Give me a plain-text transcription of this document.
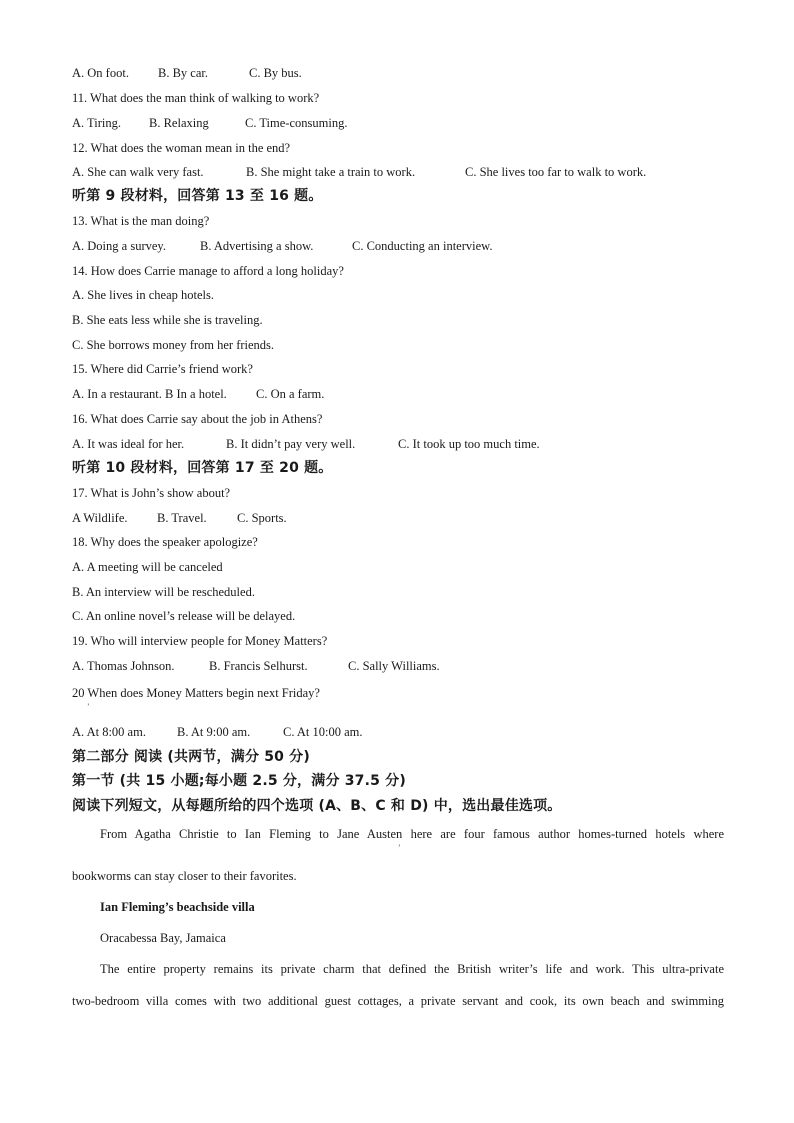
A. On foot. B. By car.	C. By bus.
11. What does the man think of walking to work?
A. Tiring. B. Relaxing	C. Time-consuming.
12. What does the woman mean in the end?
A. She can walk very fast.	B. She might take a train to work.	C. She lives too far to walk to work.
听第 9 段材料，回答第 13 至 16 题。
13. What is the man doing?
A. Doing a survey.	B. Advertising a show.	C. Conducting an interview.
14. How does Carrie manage to afford a long holiday?
A. She lives in cheap hotels.
B. She eats less while she is traveling.
C. She borrows money from her friends.
15. Where did Carrie’s friend work?
A. In a restaurant. B In a hotel. C. On a farm.
16. What does Carrie say about the job in Athens?
A. It was ideal for her.	B. It didn’t pay very well.	C. It took up too much time.
听第 10 段材料，回答第 17 至 20 题。
17. What is John’s show about?
A Wildlife. B. Travel. C. Sports.
18. Why does the speaker apologize?
A. A meeting will be canceled
B. An interview will be rescheduled.
C. An online novel’s release will be delayed.
19. Who will interview people for Money Matters?
A. Thomas Johnson.	B. Francis Selhurst.	C. Sally Williams.
20 When does Money Matters begin next Friday?
’
A. At 8:00 am. B. At 9:00 am.	C. At 10:00 am.
第二部分 阅读 (共两节，满分 50 分)
第一节 (共 15 小题;每小题 2.5 分，满分 37.5 分)
阅读下列短文，从每题所给的四个选项 (A、B、C 和 D) 中，选出最佳选项。
From Agatha Christie to Ian Fleming to Jane Austen here are four famous author homes-turned hotels where
’
bookworms can stay closer to their favorites.
Ian Fleming’s beachside villa
Oracabessa Bay, Jamaica
The entire property remains its private charm that defined the British writer’s life and work. This ultra-private
two-bedroom villa comes with two additional guest cottages, a private servant and cook, its own beach and swimming
